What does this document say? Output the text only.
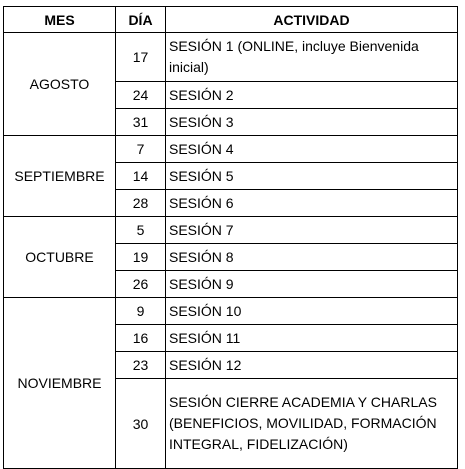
MES	DÍA	ACTIVIDAD
AGOSTO	17	SESIÓN 1 (ONLINE, incluye Bienvenida inicial)
	24	SESIÓN 2
	31	SESIÓN 3
SEPTIEMBRE	7	SESIÓN 4
	14	SESIÓN 5
	28	SESIÓN 6
OCTUBRE	5	SESIÓN 7
	19	SESIÓN 8
	26	SESIÓN 9
NOVIEMBRE	9	SESIÓN 10
	16	SESIÓN 11
	23	SESIÓN 12
	30	SESIÓN CIERRE ACADEMIA Y CHARLAS (BENEFICIOS, MOVILIDAD, FORMACIÓN INTEGRAL, FIDELIZACIÓN)
